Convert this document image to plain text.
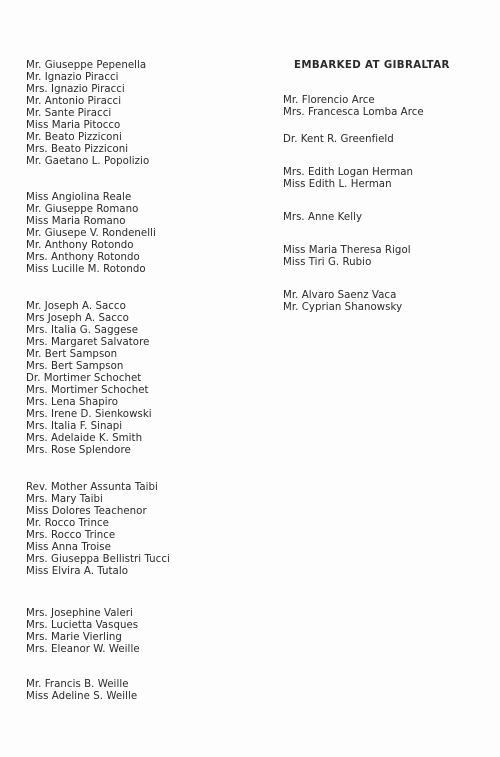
Mr. Giuseppe Pepenella
Mr. Ignazio Piracci
Mrs. Ignazio Piracci
Mr. Antonio Piracci
Mr. Sante Piracci
Miss Maria Pitocco
Mr. Beato Pizziconi
Mrs. Beato Pizziconi
Mr. Gaetano L. Popolizio
Miss Angiolina Reale
Mr. Giuseppe Romano
Miss Maria Romano
Mr. Giusepe V. Rondenelli
Mr. Anthony Rotondo
Mrs. Anthony Rotondo
Miss Lucille M. Rotondo
Mr. Joseph A. Sacco
Mrs Joseph A. Sacco
Mrs. Italia G. Saggese
Mrs. Margaret Salvatore
Mr. Bert Sampson
Mrs. Bert Sampson
Dr. Mortimer Schochet
Mrs. Mortimer Schochet
Mrs. Lena Shapiro
Mrs. Irene D. Sienkowski
Mrs. Italia F. Sinapi
Mrs. Adelaide K. Smith
Mrs. Rose Splendore
Rev. Mother Assunta Taibi
Mrs. Mary Taibi
Miss Dolores Teachenor
Mr. Rocco Trince
Mrs. Rocco Trince
Miss Anna Troise
Mrs. Giuseppa Bellistri Tucci
Miss Elvira A. Tutalo
Mrs. Josephine Valeri
Mrs. Lucietta Vasques
Mrs. Marie Vierling
Mrs. Eleanor W. Weille
Mr. Francis B. Weille
Miss Adeline S. Weille
EMBARKED AT GIBRALTAR
Mr. Florencio Arce
Mrs. Francesca Lomba Arce
Dr. Kent R. Greenfield
Mrs. Edith Logan Herman
Miss Edith L. Herman
Mrs. Anne Kelly
Miss Maria Theresa Rigol
Miss Tiri G. Rubio
Mr. Alvaro Saenz Vaca
Mr. Cyprian Shanowsky
